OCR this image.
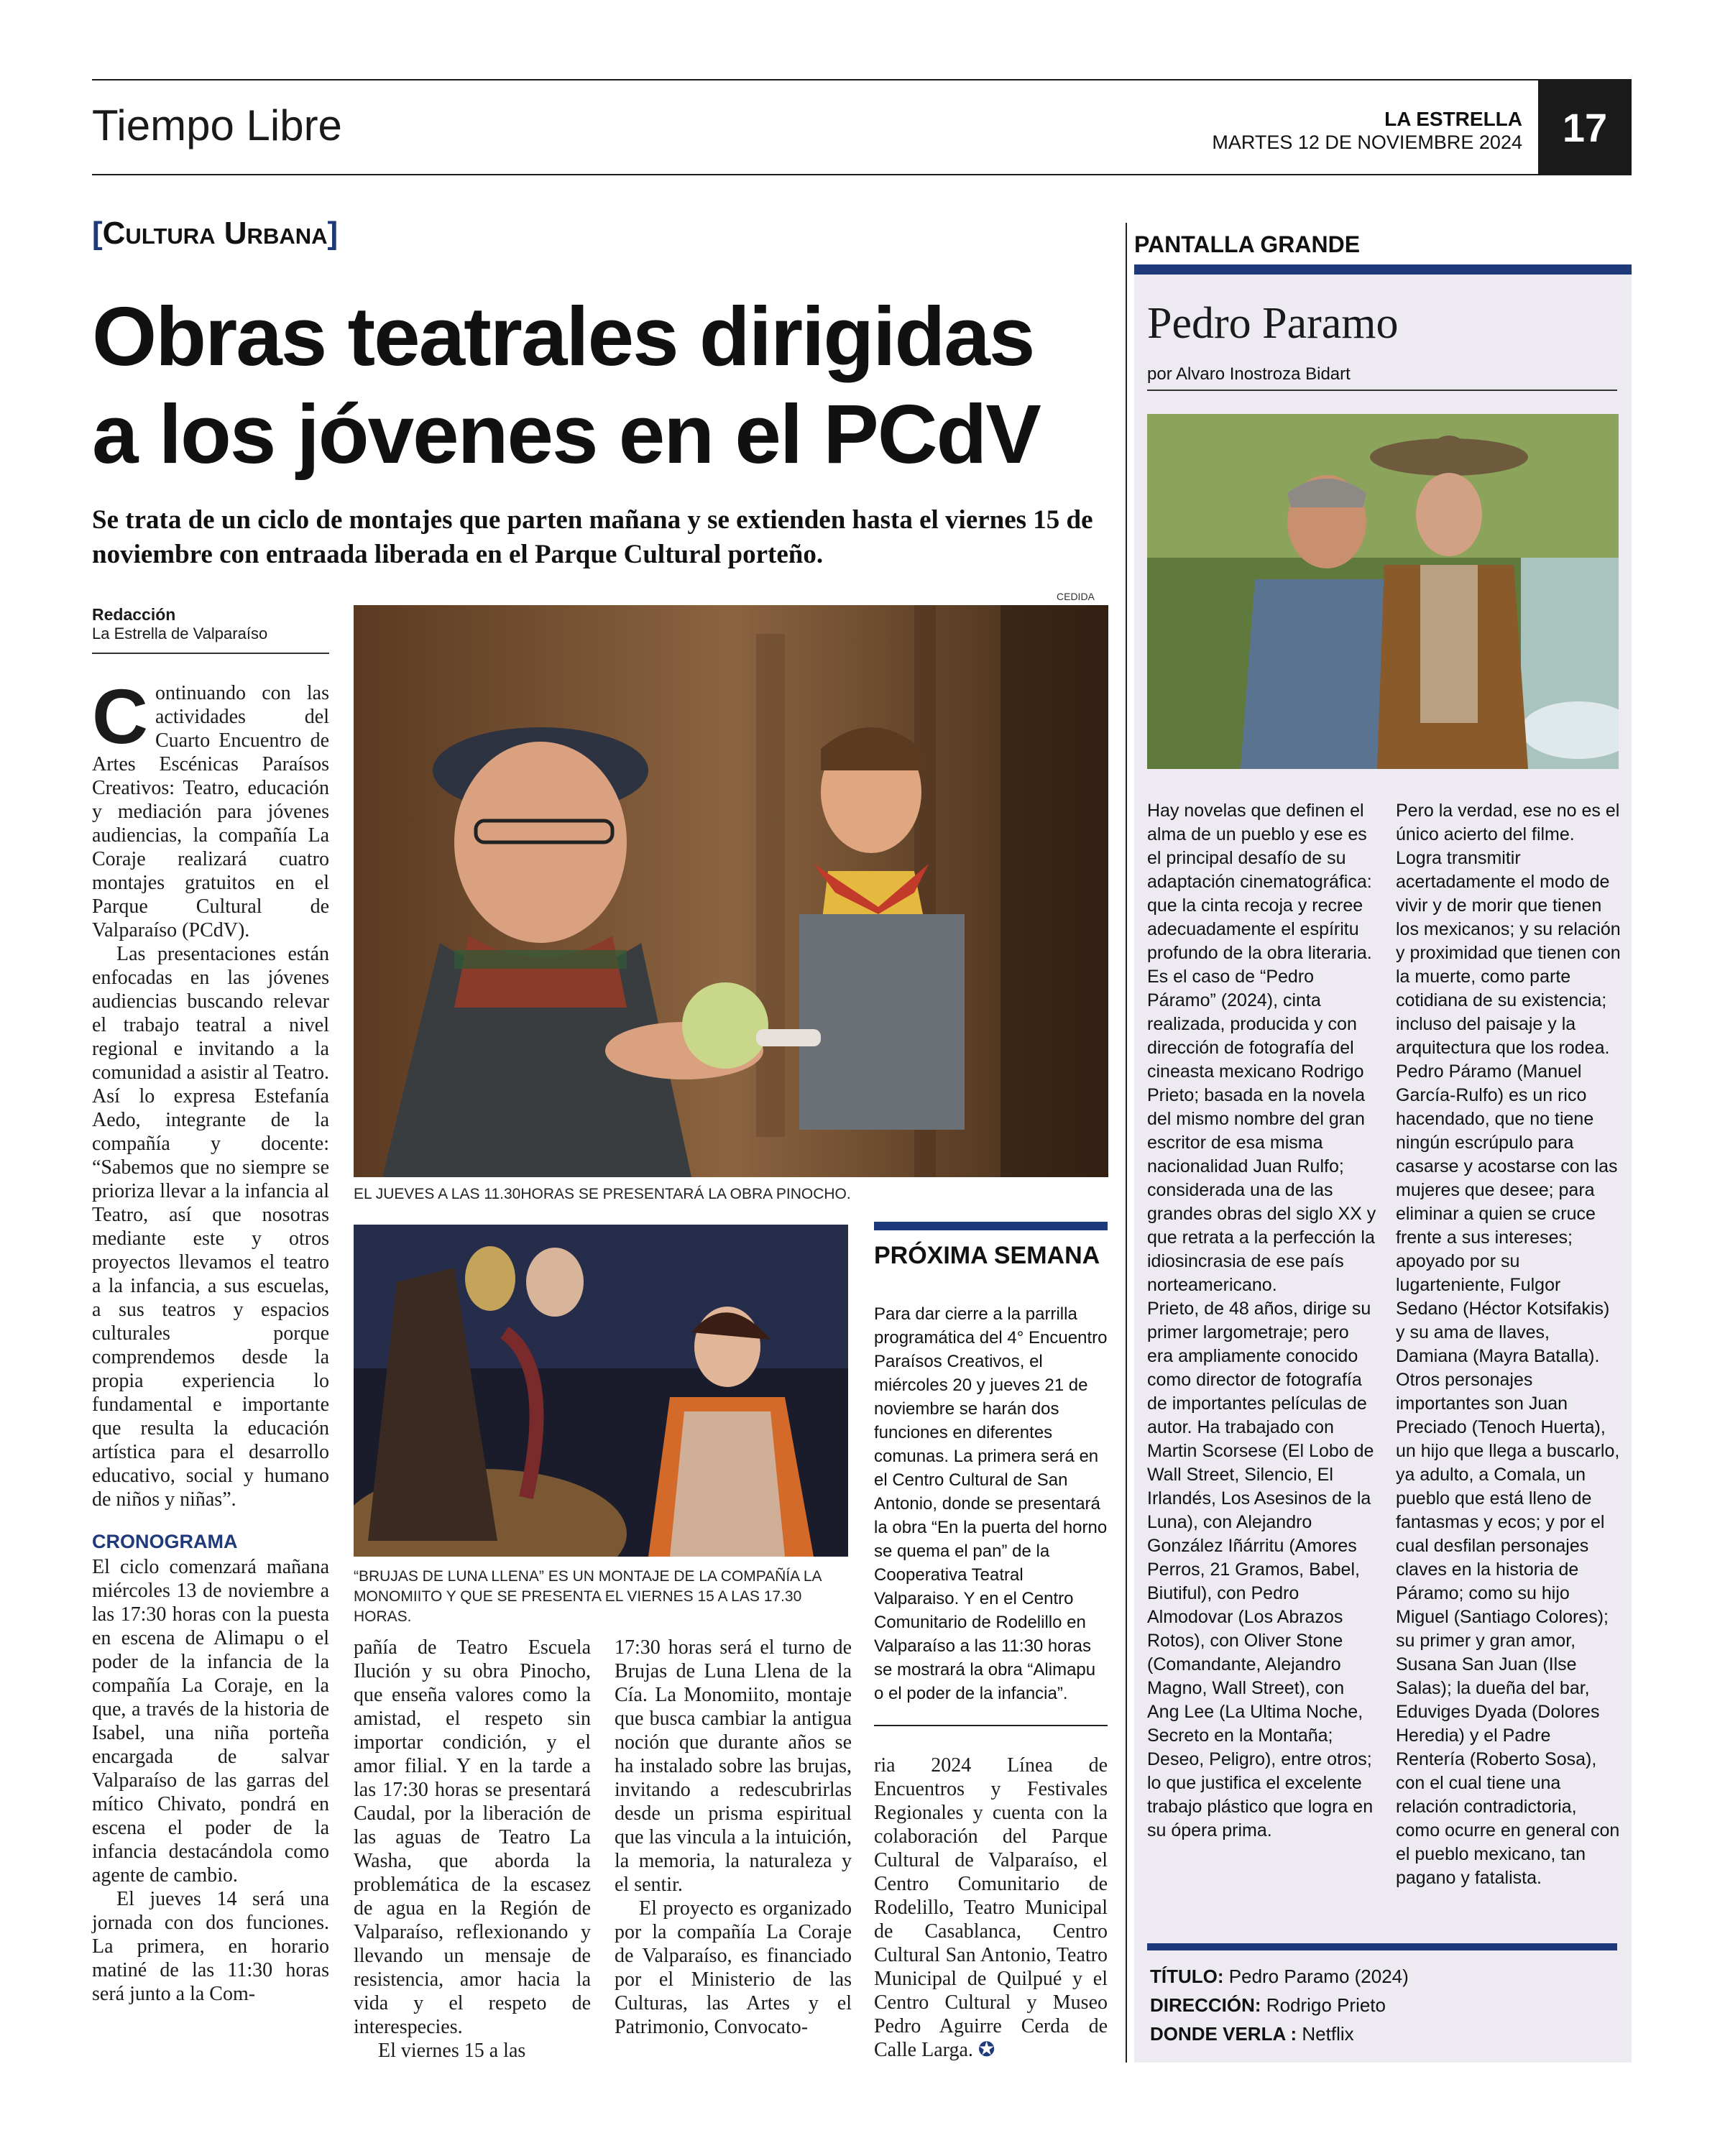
Tiempo Libre	LA ESTRELLA
MARTES 12 DE NOVIEMBRE 2024 17
[Cultura Urbana]
Obras teatrales dirigidas
a los jóvenes en el PCdV
Se trata de un ciclo de montajes que parten mañana y se extienden hasta el viernes 15 de noviembre con entraada liberada en el Parque Cultural porteño.
Redacción
La Estrella de Valparaíso

Continuando con las actividades del Cuarto Encuentro de Artes Escénicas Paraísos Creativos: Teatro, educación y mediación para jóvenes audiencias, la compañía La Coraje realizará cuatro montajes gratuitos en el Parque Cultural de Valparaíso (PCdV).

Las presentaciones están enfocadas en las jóvenes audiencias buscando relevar el trabajo teatral a nivel regional e invitando a la comunidad a asistir al Teatro. Así lo expresa Estefanía Aedo, integrante de la compañía y docente: “Sabemos que no siempre se prioriza llevar a la infancia al Teatro, así que nosotras mediante este y otros proyectos llevamos el teatro a la infancia, a sus escuelas, a sus teatros y espacios culturales porque comprendemos desde la propia experiencia lo fundamental e importante que resulta la educación artística para el desarrollo educativo, social y humano de niños y niñas”.

CRONOGRAMA

El ciclo comenzará mañana miércoles 13 de noviembre a las 17:30 horas con la puesta en escena de Alimapu o el poder de la infancia de la compañía La Coraje, en la que, a través de la historia de Isabel, una niña porteña encargada de salvar Valparaíso de las garras del mítico Chivato, pondrá en escena el poder de la infancia destacándola como agente de cambio.

El jueves 14 será una jornada con dos funciones. La primera, en horario matiné de las 11:30 horas será junto a la Com-

CEDIDA
EL JUEVES A LAS 11.30HORAS SE PRESENTARÁ LA OBRA PINOCHO.
“BRUJAS DE LUNA LLENA” ES UN MONTAJE DE LA COMPAÑÍA LA MONOMIITO Y QUE SE PRESENTA EL VIERNES 15 A LAS 17.30 HORAS.

pañía de Teatro Escuela Ilución y su obra Pinocho, que enseña valores como la amistad, el respeto sin importar condición, y el amor filial. Y en la tarde a las 17:30 horas se presentará Caudal, por la liberación de las aguas de Teatro La Washa, que aborda la problemática de la escasez de agua en la Región de Valparaíso, reflexionando y llevando un mensaje de resistencia, amor hacia la vida y el respeto de interespecies.

El viernes 15 a las

17:30 horas será el turno de Brujas de Luna Llena de la Cía. La Monomiito, montaje que busca cambiar la antigua noción que durante años se ha instalado sobre las brujas, invitando a redescubrirlas desde un prisma espiritual que las vincula a la intuición, la memoria, la naturaleza y el sentir.

El proyecto es organizado por la compañía La Coraje de Valparaíso, es financiado por el Ministerio de las Culturas, las Artes y el Patrimonio, Convocato-

ria 2024 Línea de Encuentros y Festivales Regionales y cuenta con la colaboración del Parque Cultural de Valparaíso, el Centro Comunitario de Rodelillo, Teatro Municipal de Casablanca, Centro Cultural San Antonio, Teatro Municipal de Quilpué y el Centro Cultural y Museo Pedro Aguirre Cerda de Calle Larga. ✪

PRÓXIMA SEMANA
Para dar cierre a la parrilla programática del 4° Encuentro Paraísos Creativos, el miércoles 20 y jueves 21 de noviembre se harán dos funciones en diferentes comunas. La primera será en el Centro Cultural de San Antonio, donde se presentará la obra “En la puerta del horno se quema el pan” de la Cooperativa Teatral Valparaiso. Y en el Centro Comunitario de Rodelillo en Valparaíso a las 11:30 horas se mostrará la obra “Alimapu o el poder de la infancia”.
PANTALLA GRANDE
Pedro Paramo
por Alvaro Inostroza Bidart

Hay novelas que definen el alma de un pueblo y ese es el principal desafío de su adaptación cinematográfica: que la cinta recoja y recree adecuadamente el espíritu profundo de la obra literaria.

Es el caso de “Pedro Páramo” (2024), cinta realizada, producida y con dirección de fotografía del cineasta mexicano Rodrigo Prieto; basada en la novela del mismo nombre del gran escritor de esa misma nacionalidad Juan Rulfo; considerada una de las grandes obras del siglo XX y que retrata a la perfección la idiosincrasia de ese país norteamericano.

Prieto, de 48 años, dirige su primer largometraje; pero era ampliamente conocido como director de fotografía de importantes películas de autor. Ha trabajado con Martin Scorsese (El Lobo de Wall Street, Silencio, El Irlandés, Los Asesinos de la Luna), con Alejandro González Iñárritu (Amores Perros, 21 Gramos, Babel, Biutiful), con Pedro Almodovar (Los Abrazos Rotos), con Oliver Stone (Comandante, Alejandro Magno, Wall Street), con Ang Lee (La Ultima Noche, Secreto en la Montaña; Deseo, Peligro), entre otros; lo que justifica el excelente trabajo plástico que logra en su ópera prima.

Pero la verdad, ese no es el único acierto del filme. Logra transmitir acertadamente el modo de vivir y de morir que tienen los mexicanos; y su relación y proximidad que tienen con la muerte, como parte cotidiana de su existencia; incluso del paisaje y la arquitectura que los rodea.

Pedro Páramo (Manuel García-Rulfo) es un rico hacendado, que no tiene ningún escrúpulo para casarse y acostarse con las mujeres que desee; para eliminar a quien se cruce frente a sus intereses; apoyado por su lugarteniente, Fulgor Sedano (Héctor Kotsifakis) y su ama de llaves, Damiana (Mayra Batalla). Otros personajes importantes son Juan Preciado (Tenoch Huerta), un hijo que llega a buscarlo, ya adulto, a Comala, un pueblo que está lleno de fantasmas y ecos; y por el cual desfilan personajes claves en la historia de Páramo; como su hijo Miguel (Santiago Colores); su primer y gran amor, Susana San Juan (Ilse Salas); la dueña del bar, Eduviges Dyada (Dolores Heredia) y el Padre Rentería (Roberto Sosa), con el cual tiene una relación contradictoria, como ocurre en general con el pueblo mexicano, tan pagano y fatalista.

TÍTULO: Pedro Paramo (2024)
DIRECCIÓN: Rodrigo Prieto
DONDE VERLA : Netflix
